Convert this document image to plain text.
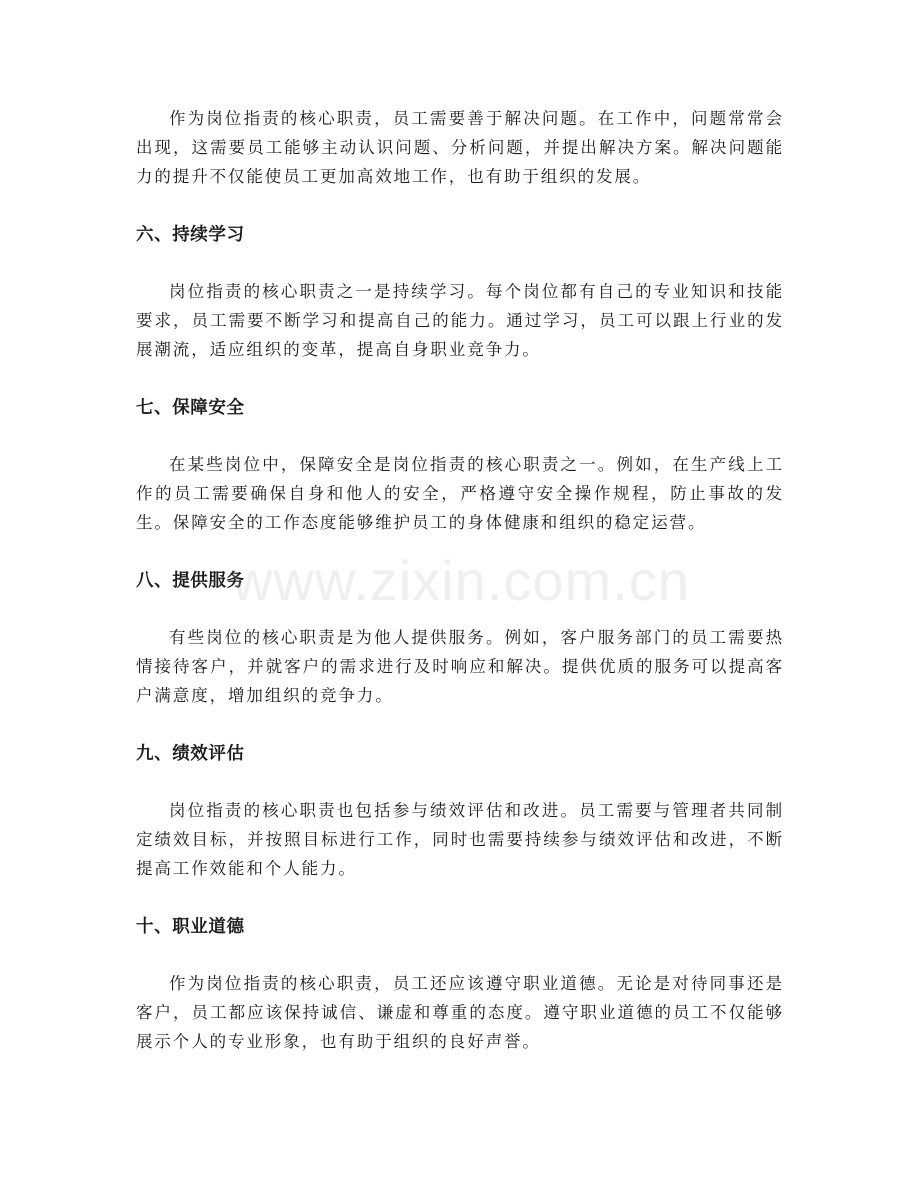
作为岗位指责的核心职责，员工需要善于解决问题。在工作中，问题常常会出现，这需要员工能够主动认识问题、分析问题，并提出解决方案。解决问题能力的提升不仅能使员工更加高效地工作，也有助于组织的发展。

六、持续学习

岗位指责的核心职责之一是持续学习。每个岗位都有自己的专业知识和技能要求，员工需要不断学习和提高自己的能力。通过学习，员工可以跟上行业的发展潮流，适应组织的变革，提高自身职业竞争力。

七、保障安全

在某些岗位中，保障安全是岗位指责的核心职责之一。例如，在生产线上工作的员工需要确保自身和他人的安全，严格遵守安全操作规程，防止事故的发生。保障安全的工作态度能够维护员工的身体健康和组织的稳定运营。

八、提供服务

有些岗位的核心职责是为他人提供服务。例如，客户服务部门的员工需要热情接待客户，并就客户的需求进行及时响应和解决。提供优质的服务可以提高客户满意度，增加组织的竞争力。

九、绩效评估

岗位指责的核心职责也包括参与绩效评估和改进。员工需要与管理者共同制定绩效目标，并按照目标进行工作，同时也需要持续参与绩效评估和改进，不断提高工作效能和个人能力。

十、职业道德

作为岗位指责的核心职责，员工还应该遵守职业道德。无论是对待同事还是客户，员工都应该保持诚信、谦虚和尊重的态度。遵守职业道德的员工不仅能够展示个人的专业形象，也有助于组织的良好声誉。

www.zixin.com.cn
